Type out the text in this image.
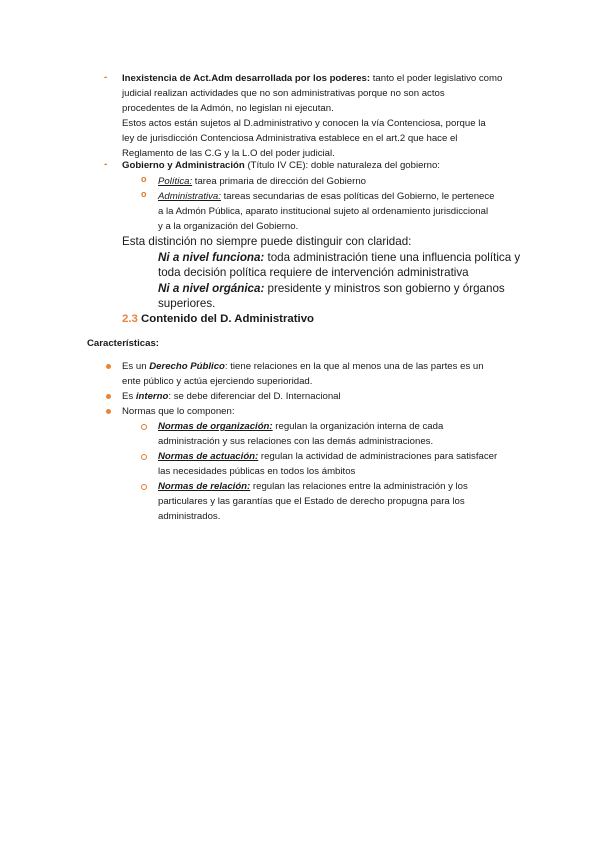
- Inexistencia de Act.Adm desarrollada por los poderes: tanto el poder legislativo como

judicial realizan actividades que no son administrativas porque no son actos

procedentes de la Admón, no legislan ni ejecutan.

Estos actos están sujetos al D.administrativo y conocen la vía Contenciosa, porque la

ley de jurisdicción Contenciosa Administrativa establece en el art.2 que hace el

Reglamento de las C.G y la L.O del poder judicial.

- Gobierno y Administración (Título IV CE): doble naturaleza del gobierno:

o Política: tarea primaria de dirección del Gobierno

o Administrativa: tareas secundarias de esas políticas del Gobierno, le pertenece

a la Admón Pública, aparato institucional sujeto al ordenamiento jurisdiccional

y a la organización del Gobierno.

Esta distinción no siempre puede distinguir con claridad:

Ni a nivel funciona: toda administración tiene una influencia política y

toda decisión política requiere de intervención administrativa

Ni a nivel orgánica: presidente y ministros son gobierno y órganos

superiores.

2.3 Contenido del D. Administrativo

Características:

Es un Derecho Público: tiene relaciones en la que al menos una de las partes es un

ente público y actúa ejerciendo superioridad.

Es interno: se debe diferenciar del D. Internacional

Normas que lo componen:

Normas de organización: regulan la organización interna de cada

administración y sus relaciones con las demás administraciones.

Normas de actuación: regulan la actividad de administraciones para satisfacer

las necesidades públicas en todos los ámbitos

Normas de relación: regulan las relaciones entre la administración y los

particulares y las garantías que el Estado de derecho propugna para los

administrados.
